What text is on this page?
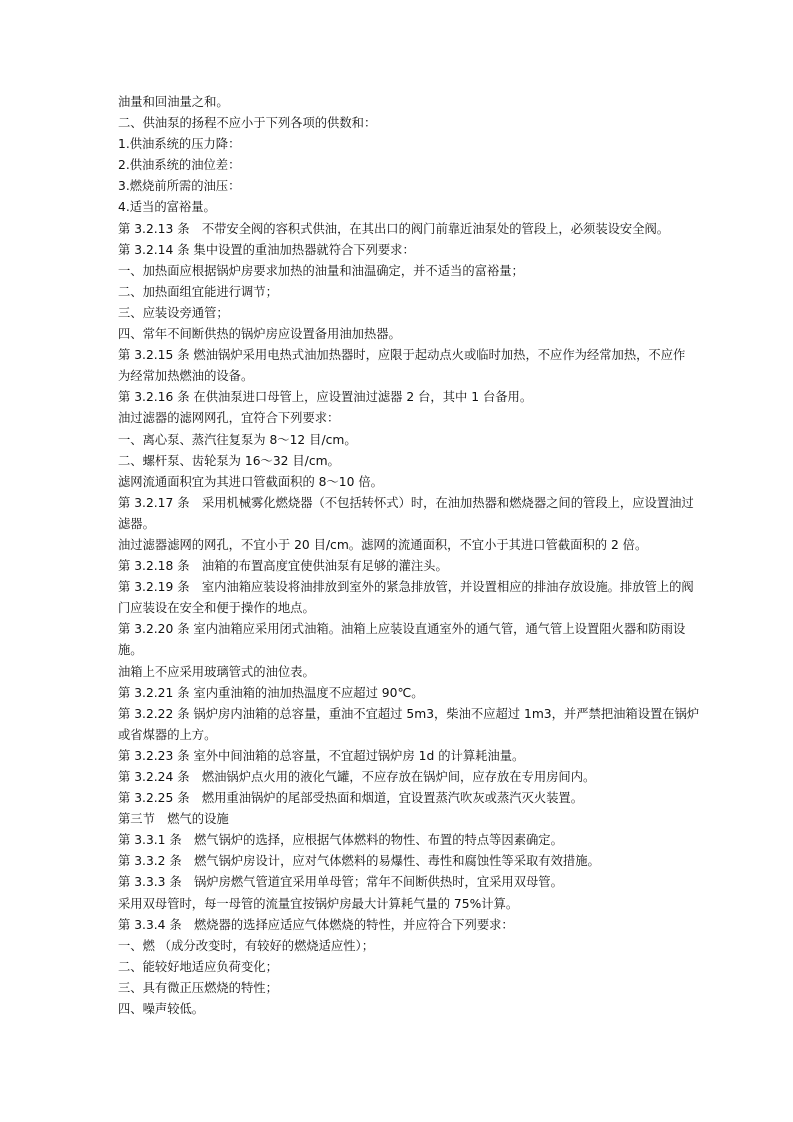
油量和回油量之和。
二、供油泵的扬程不应小于下列各项的供数和：
1.供油系统的压力降：
2.供油系统的油位差：
3.燃烧前所需的油压：
4.适当的富裕量。
第 3.2.13 条　不带安全阀的容积式供油，在其出口的阀门前靠近油泵处的管段上，必须装设安全阀。
第 3.2.14 条 集中设置的重油加热器就符合下列要求：
一、加热面应根据锅炉房要求加热的油量和油温确定，并不适当的富裕量；
二、加热面组宜能进行调节；
三、应装设旁通管；
四、常年不间断供热的锅炉房应设置备用油加热器。
第 3.2.15 条 燃油锅炉采用电热式油加热器时，应限于起动点火或临时加热，不应作为经常加热，不应作
为经常加热燃油的设备。
第 3.2.16 条 在供油泵进口母管上，应设置油过滤器 2 台，其中 1 台备用。
油过滤器的滤网网孔，宜符合下列要求：
一、离心泵、蒸汽往复泵为 8～12 目/cm。
二、螺杆泵、齿轮泵为 16～32 目/cm。
滤网流通面积宜为其进口管截面积的 8～10 倍。
第 3.2.17 条　采用机械雾化燃烧器（不包括转怀式）时，在油加热器和燃烧器之间的管段上，应设置油过
滤器。
油过滤器滤网的网孔，不宜小于 20 目/cm。滤网的流通面积，不宜小于其进口管截面积的 2 倍。
第 3.2.18 条　油箱的布置高度宜使供油泵有足够的灌注头。
第 3.2.19 条　室内油箱应装设将油排放到室外的紧急排放管，并设置相应的排油存放设施。排放管上的阀
门应装设在安全和便于操作的地点。
第 3.2.20 条 室内油箱应采用闭式油箱。油箱上应装设直通室外的通气管，通气管上设置阻火器和防雨设
施。
油箱上不应采用玻璃管式的油位表。
第 3.2.21 条 室内重油箱的油加热温度不应超过 90℃。
第 3.2.22 条 锅炉房内油箱的总容量，重油不宜超过 5m3，柴油不应超过 1m3，并严禁把油箱设置在锅炉
或省煤器的上方。
第 3.2.23 条 室外中间油箱的总容量，不宜超过锅炉房 1d 的计算耗油量。
第 3.2.24 条　燃油锅炉点火用的液化气罐，不应存放在锅炉间，应存放在专用房间内。
第 3.2.25 条　燃用重油锅炉的尾部受热面和烟道，宜设置蒸汽吹灰或蒸汽灭火装置。
第三节　燃气的设施
第 3.3.1 条　燃气锅炉的选择，应根据气体燃料的物性、布置的特点等因素确定。
第 3.3.2 条　燃气锅炉房设计，应对气体燃料的易爆性、毒性和腐蚀性等采取有效措施。
第 3.3.3 条　锅炉房燃气管道宜采用单母管；常年不间断供热时，宜采用双母管。
采用双母管时，每一母管的流量宜按锅炉房最大计算耗气量的 75%计算。
第 3.3.4 条　燃烧器的选择应适应气体燃烧的特性，并应符合下列要求：
一、燃 （成分改变时，有较好的燃烧适应性）；
二、能较好地适应负荷变化；
三、具有微正压燃烧的特性；
四、噪声较低。
